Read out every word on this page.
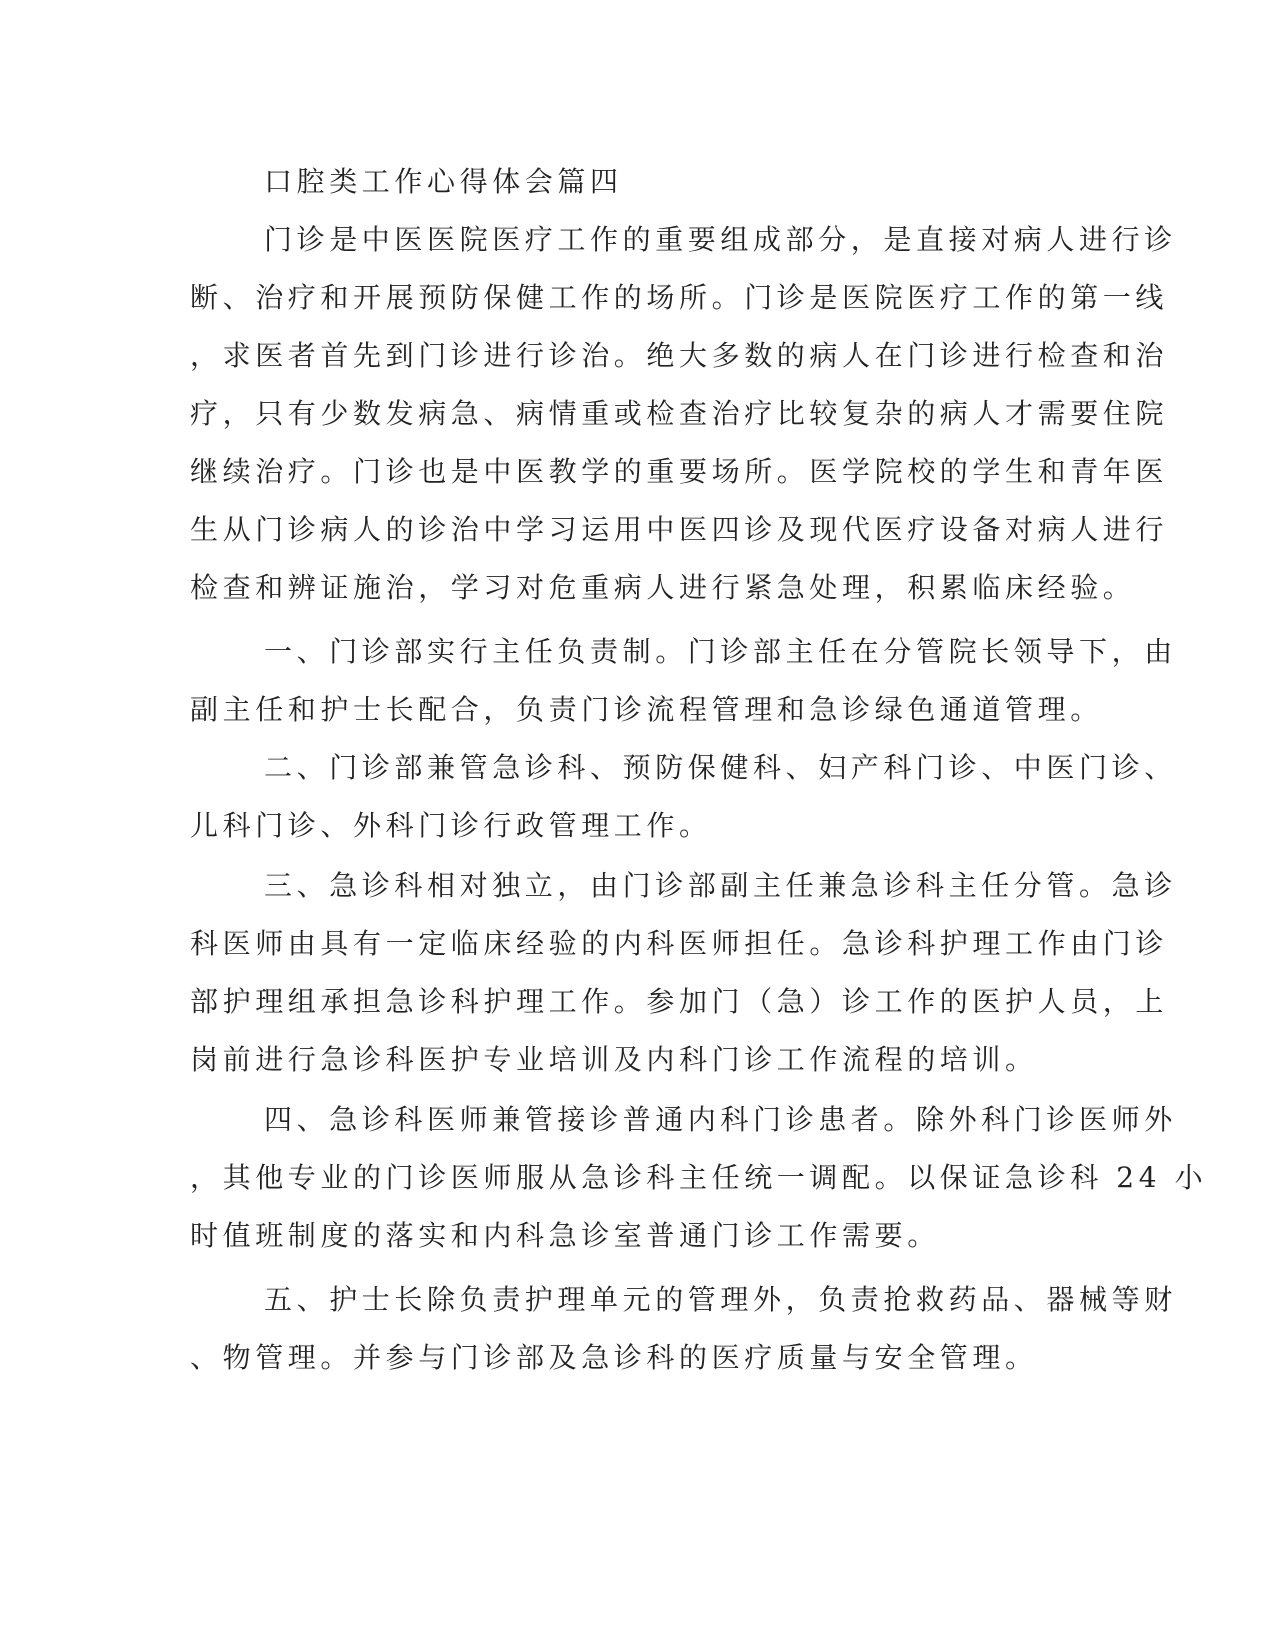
口腔类工作心得体会篇四

门诊是中医医院医疗工作的重要组成部分，是直接对病人进行诊

断、治疗和开展预防保健工作的场所。门诊是医院医疗工作的第一线

，求医者首先到门诊进行诊治。绝大多数的病人在门诊进行检查和治

疗，只有少数发病急、病情重或检查治疗比较复杂的病人才需要住院

继续治疗。门诊也是中医教学的重要场所。医学院校的学生和青年医

生从门诊病人的诊治中学习运用中医四诊及现代医疗设备对病人进行

检查和辨证施治，学习对危重病人进行紧急处理，积累临床经验。

一、门诊部实行主任负责制。门诊部主任在分管院长领导下，由

副主任和护士长配合，负责门诊流程管理和急诊绿色通道管理。

二、门诊部兼管急诊科、预防保健科、妇产科门诊、中医门诊、

儿科门诊、外科门诊行政管理工作。

三、急诊科相对独立，由门诊部副主任兼急诊科主任分管。急诊

科医师由具有一定临床经验的内科医师担任。急诊科护理工作由门诊

部护理组承担急诊科护理工作。参加门（急）诊工作的医护人员，上

岗前进行急诊科医护专业培训及内科门诊工作流程的培训。

四、急诊科医师兼管接诊普通内科门诊患者。除外科门诊医师外

，其他专业的门诊医师服从急诊科主任统一调配。以保证急诊科 24 小

时值班制度的落实和内科急诊室普通门诊工作需要。

五、护士长除负责护理单元的管理外，负责抢救药品、器械等财

、物管理。并参与门诊部及急诊科的医疗质量与安全管理。
